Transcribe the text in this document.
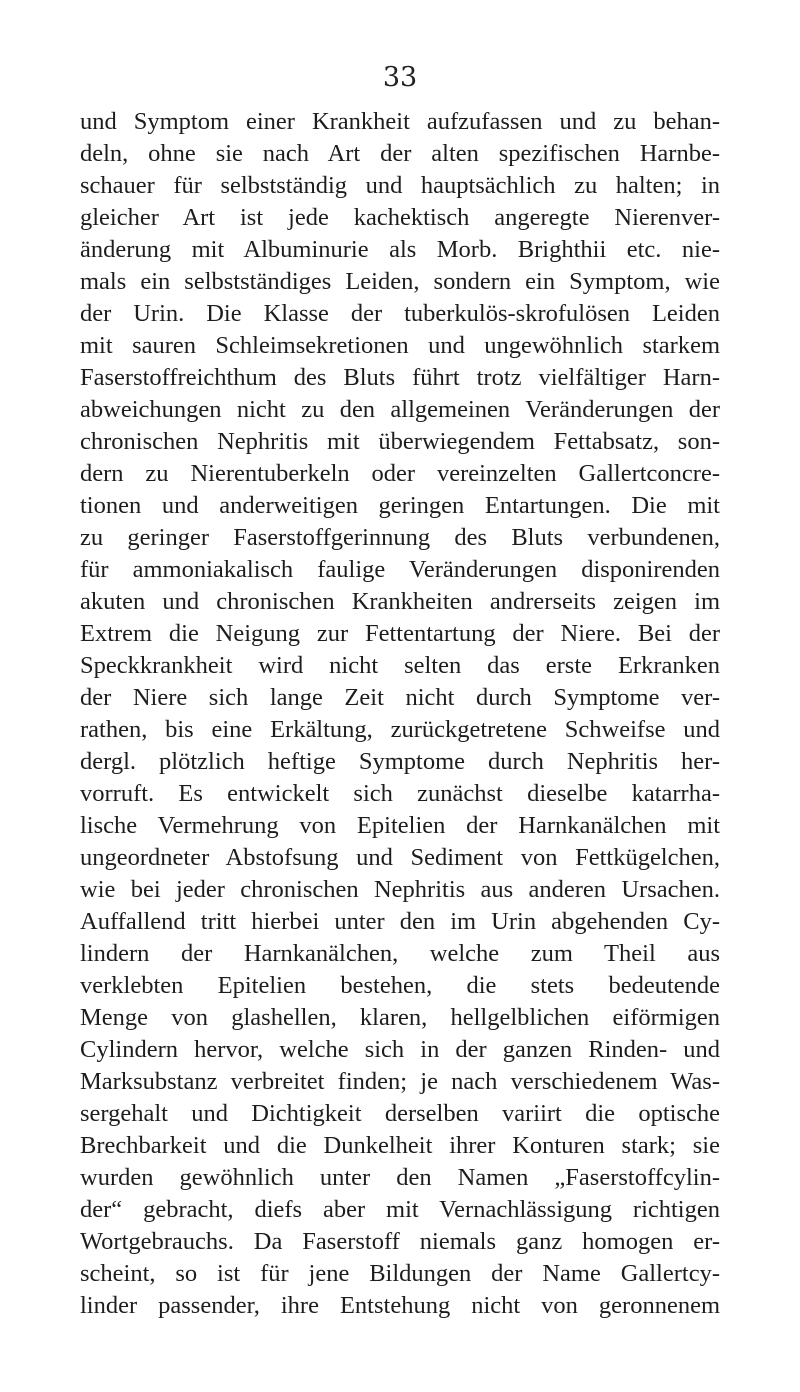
33
und Symptom einer Krankheit aufzufassen und zu behan-
deln, ohne sie nach Art der alten spezifischen Harnbe-
schauer für selbstständig und hauptsächlich zu halten; in
gleicher Art ist jede kachektisch angeregte Nierenver-
änderung mit Albuminurie als Morb. Brighthii etc. nie-
mals ein selbstständiges Leiden, sondern ein Symptom, wie
der Urin. Die Klasse der tuberkulös-skrofulösen Leiden
mit sauren Schleimsekretionen und ungewöhnlich starkem
Faserstoffreichthum des Bluts führt trotz vielfältiger Harn-
abweichungen nicht zu den allgemeinen Veränderungen der
chronischen Nephritis mit überwiegendem Fettabsatz, son-
dern zu Nierentuberkeln oder vereinzelten Gallertconcre-
tionen und anderweitigen geringen Entartungen. Die mit
zu geringer Faserstoffgerinnung des Bluts verbundenen,
für ammoniakalisch faulige Veränderungen disponirenden
akuten und chronischen Krankheiten andrerseits zeigen im
Extrem die Neigung zur Fettentartung der Niere. Bei der
Speckkrankheit wird nicht selten das erste Erkranken
der Niere sich lange Zeit nicht durch Symptome ver-
rathen, bis eine Erkältung, zurückgetretene Schweifse und
dergl. plötzlich heftige Symptome durch Nephritis her-
vorruft. Es entwickelt sich zunächst dieselbe katarrha-
lische Vermehrung von Epitelien der Harnkanälchen mit
ungeordneter Abstofsung und Sediment von Fettkügelchen,
wie bei jeder chronischen Nephritis aus anderen Ursachen.
Auffallend tritt hierbei unter den im Urin abgehenden Cy-
lindern der Harnkanälchen, welche zum Theil aus
verklebten Epitelien bestehen, die stets bedeutende
Menge von glashellen, klaren, hellgelblichen eiförmigen
Cylindern hervor, welche sich in der ganzen Rinden- und
Marksubstanz verbreitet finden; je nach verschiedenem Was-
sergehalt und Dichtigkeit derselben variirt die optische
Brechbarkeit und die Dunkelheit ihrer Konturen stark; sie
wurden gewöhnlich unter den Namen „Faserstoffcylin-
der“ gebracht, diefs aber mit Vernachlässigung richtigen
Wortgebrauchs. Da Faserstoff niemals ganz homogen er-
scheint, so ist für jene Bildungen der Name Gallertcy-
linder passender, ihre Entstehung nicht von geronnenem
